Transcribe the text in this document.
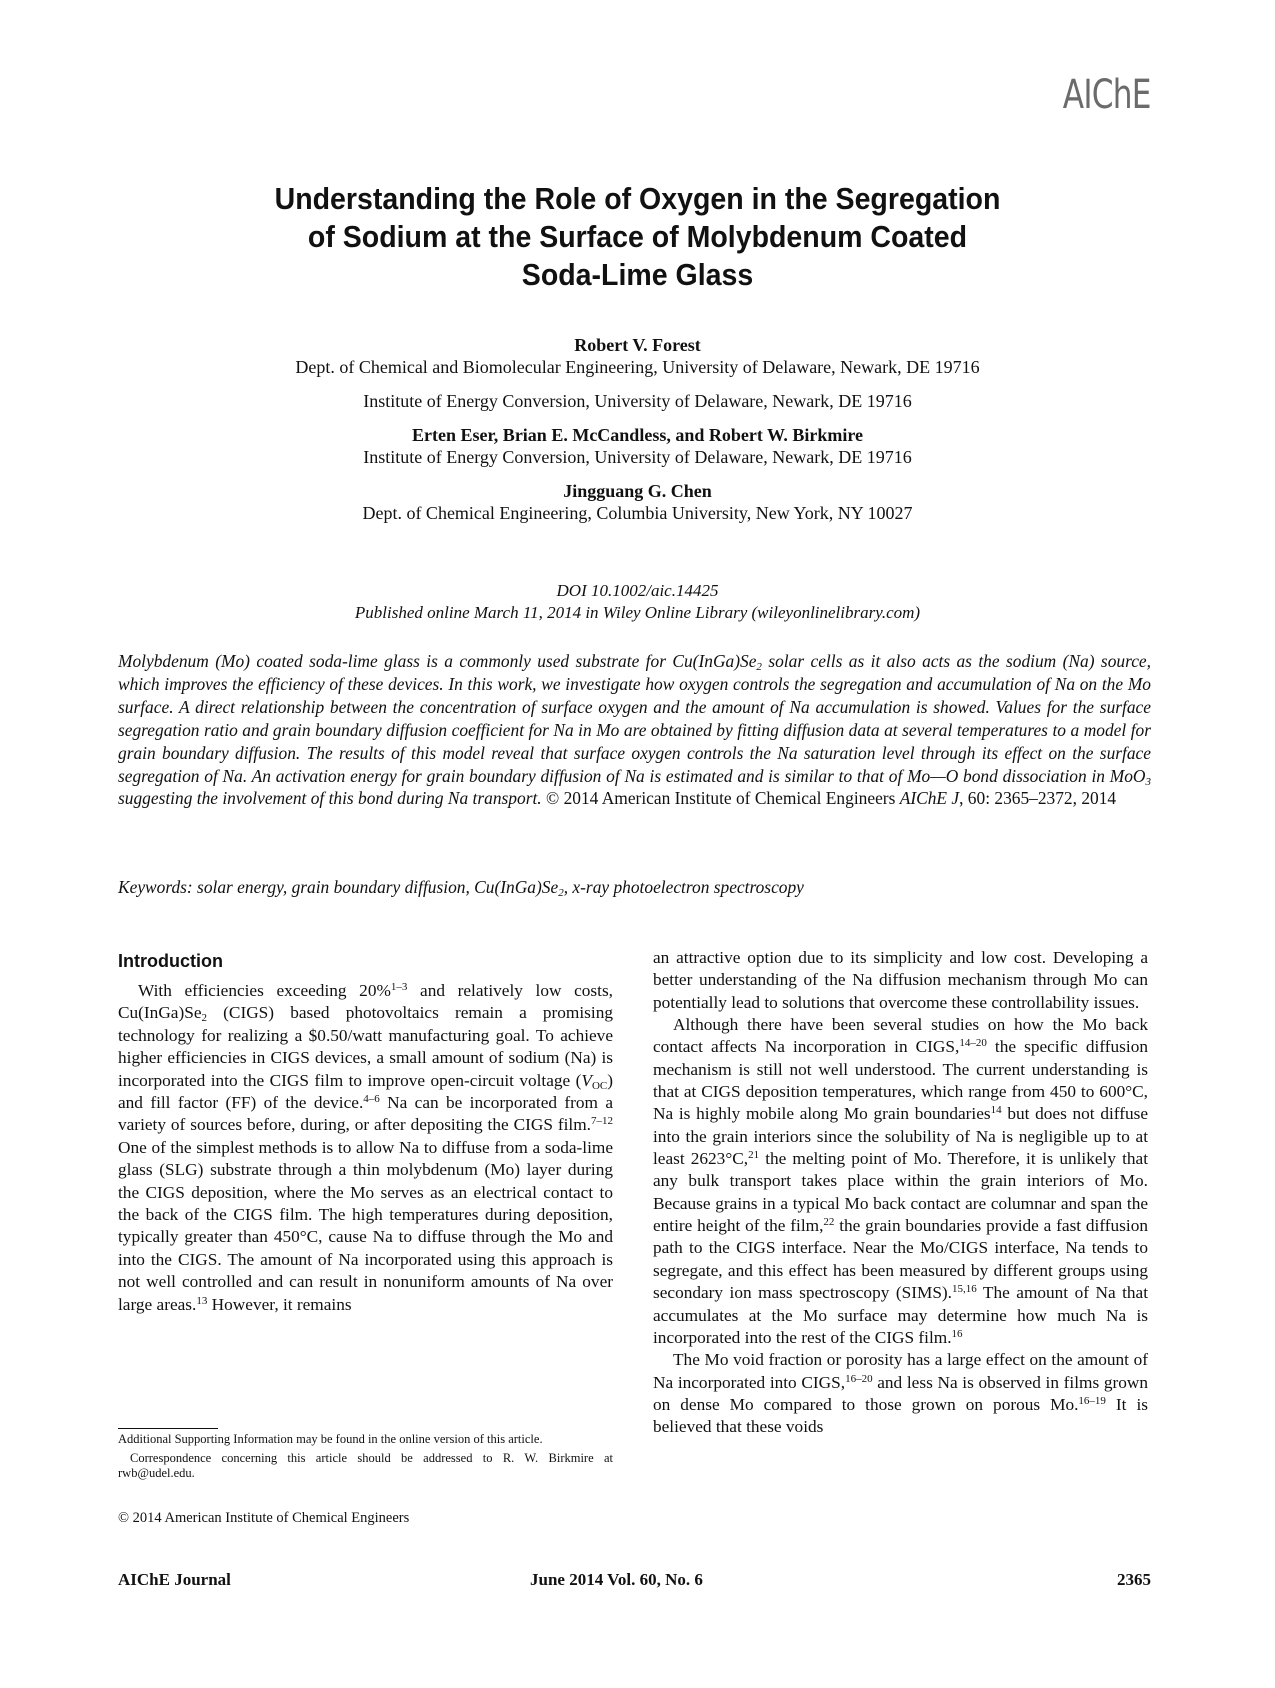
AIChE
Understanding the Role of Oxygen in the Segregation
of Sodium at the Surface of Molybdenum Coated
Soda-Lime Glass
Robert V. Forest
Dept. of Chemical and Biomolecular Engineering, University of Delaware, Newark, DE 19716
Institute of Energy Conversion, University of Delaware, Newark, DE 19716
Erten Eser, Brian E. McCandless, and Robert W. Birkmire
Institute of Energy Conversion, University of Delaware, Newark, DE 19716
Jingguang G. Chen
Dept. of Chemical Engineering, Columbia University, New York, NY 10027
DOI 10.1002/aic.14425
Published online March 11, 2014 in Wiley Online Library (wileyonlinelibrary.com)
Molybdenum (Mo) coated soda-lime glass is a commonly used substrate for $Cu(InGa)Se_2$ solar cells as it also acts as the sodium (Na) source, which improves the efficiency of these devices. In this work, we investigate how oxygen controls the segregation and accumulation of Na on the Mo surface. A direct relationship between the concentration of surface oxygen and the amount of Na accumulation is showed. Values for the surface segregation ratio and grain boundary diffusion coefficient for Na in Mo are obtained by fitting diffusion data at several temperatures to a model for grain boundary diffusion. The results of this model reveal that surface oxygen controls the Na saturation level through its effect on the surface segregation of Na. An activation energy for grain boundary diffusion of Na is estimated and is similar to that of Mo—O bond dissociation in MoO$_3$ suggesting the involvement of this bond during Na transport. © 2014 American Institute of Chemical Engineers AIChE J, 60: 2365–2372, 2014
Keywords: solar energy, grain boundary diffusion, $Cu(InGa)Se_2$, x-ray photoelectron spectroscopy
Introduction

With efficiencies exceeding 20%$^{1-3}$ and relatively low costs, $Cu(InGa)Se_2$ (CIGS) based photovoltaics remain a promising technology for realizing a $0.50/watt manufacturing goal. To achieve higher efficiencies in CIGS devices, a small amount of sodium (Na) is incorporated into the CIGS film to improve open-circuit voltage $(V_{OC})$ and fill factor (FF) of the device.$^{4-6}$ Na can be incorporated from a variety of sources before, during, or after depositing the CIGS film.$^{7-12}$ One of the simplest methods is to allow Na to diffuse from a soda-lime glass (SLG) substrate through a thin molybdenum (Mo) layer during the CIGS deposition, where the Mo serves as an electrical contact to the back of the CIGS film. The high temperatures during deposition, typically greater than 450°C, cause Na to diffuse through the Mo and into the CIGS. The amount of Na incorporated using this approach is not well controlled and can result in nonuniform amounts of Na over large areas.$^{13}$ However, it remains

an attractive option due to its simplicity and low cost. Developing a better understanding of the Na diffusion mechanism through Mo can potentially lead to solutions that overcome these controllability issues.

Although there have been several studies on how the Mo back contact affects Na incorporation in CIGS,$^{14-20}$ the specific diffusion mechanism is still not well understood. The current understanding is that at CIGS deposition temperatures, which range from 450 to 600°C, Na is highly mobile along Mo grain boundaries$^{14}$ but does not diffuse into the grain interiors since the solubility of Na is negligible up to at least 2623°C,$^{21}$ the melting point of Mo. Therefore, it is unlikely that any bulk transport takes place within the grain interiors of Mo. Because grains in a typical Mo back contact are columnar and span the entire height of the film,$^{22}$ the grain boundaries provide a fast diffusion path to the CIGS interface. Near the Mo/CIGS interface, Na tends to segregate, and this effect has been measured by different groups using secondary ion mass spectroscopy (SIMS).$^{15,16}$ The amount of Na that accumulates at the Mo surface may determine how much Na is incorporated into the rest of the CIGS film.$^{16}$

The Mo void fraction or porosity has a large effect on the amount of Na incorporated into CIGS,$^{16-20}$ and less Na is observed in films grown on dense Mo compared to those grown on porous Mo.$^{16-19}$ It is believed that these voids

Additional Supporting Information may be found in the online version of this article.

Correspondence concerning this article should be addressed to R. W. Birkmire at rwb@udel.edu.

© 2014 American Institute of Chemical Engineers
AIChE Journal	June 2014 Vol. 60, No. 6	2365
